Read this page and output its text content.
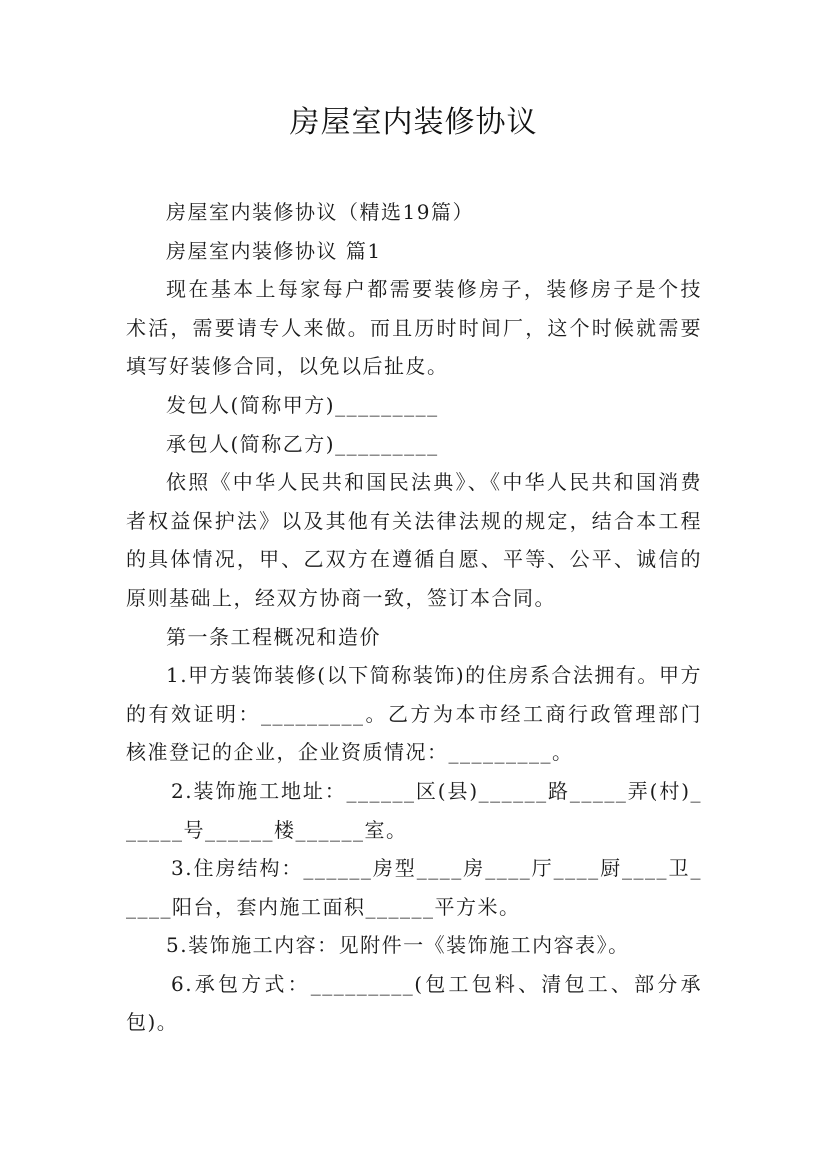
房屋室内装修协议

房屋室内装修协议（精选19篇）

房屋室内装修协议 篇1

现在基本上每家每户都需要装修房子，装修房子是个技术活，需要请专人来做。而且历时时间厂，这个时候就需要填写好装修合同，以免以后扯皮。

发包人(简称甲方)_________

承包人(简称乙方)_________

依照《中华人民共和国民法典》、《中华人民共和国消费者权益保护法》以及其他有关法律法规的规定，结合本工程的具体情况，甲、乙双方在遵循自愿、平等、公平、诚信的原则基础上，经双方协商一致，签订本合同。

第一条工程概况和造价

1.甲方装饰装修(以下简称装饰)的住房系合法拥有。甲方的有效证明：_________。乙方为本市经工商行政管理部门核准登记的企业，企业资质情况：_________。

2.装饰施工地址：______区(县)______路_____弄(村)______号______楼______室。

3.住房结构：______房型____房____厅____厨____卫_____阳台，套内施工面积______平方米。

5.装饰施工内容：见附件一《装饰施工内容表》。

6.承包方式：_________(包工包料、清包工、部分承包)。
